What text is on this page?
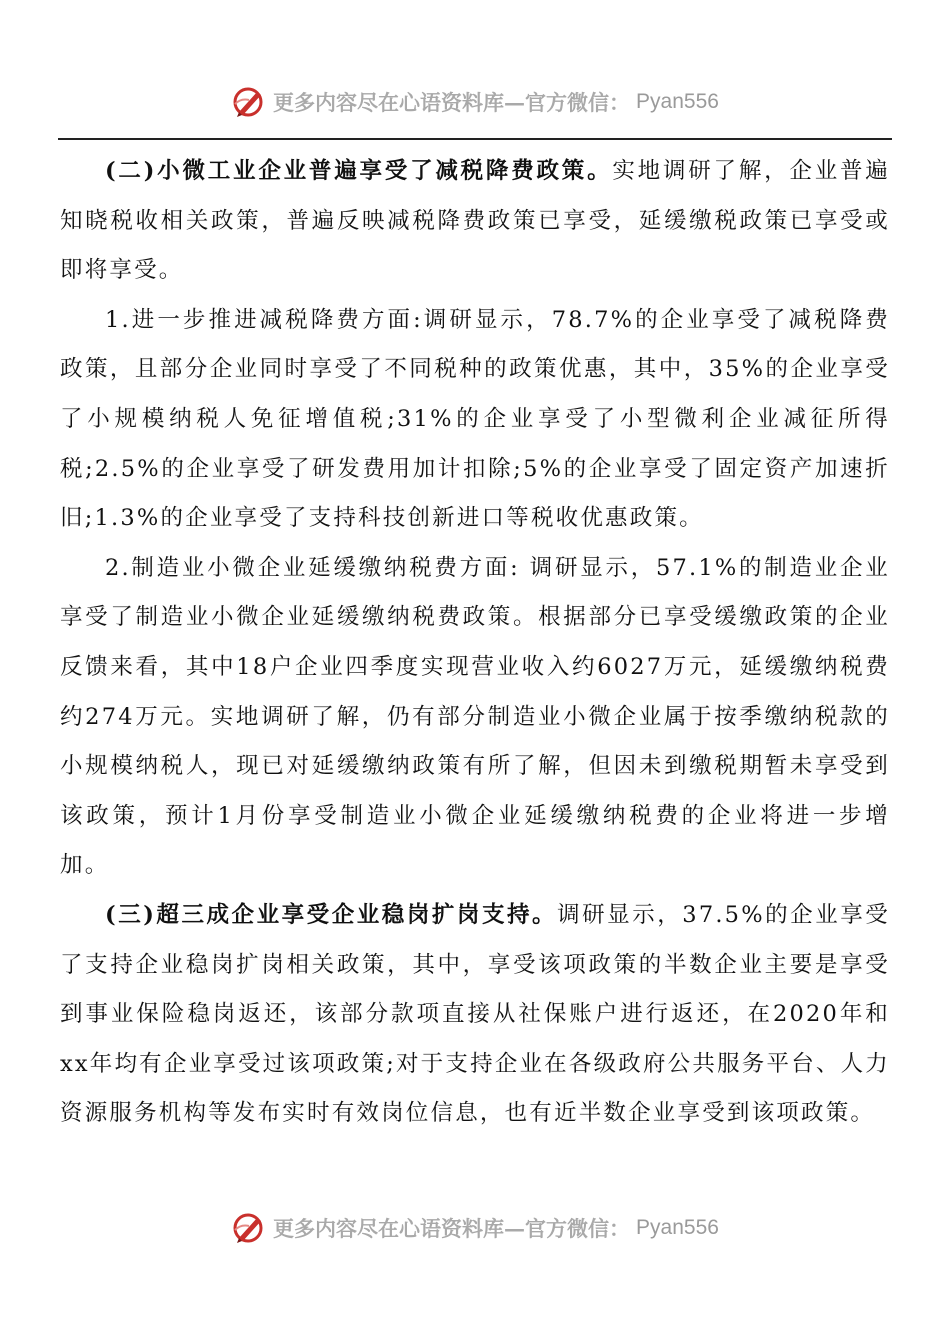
更多内容尽在心语资料库—官方微信： Pyan556

(二)小微工业企业普遍享受了减税降费政策。实地调研了解，企业普遍知晓税收相关政策，普遍反映减税降费政策已享受，延缓缴税政策已享受或即将享受。

1.进一步推进减税降费方面:调研显示，78.7%的企业享受了减税降费政策，且部分企业同时享受了不同税种的政策优惠，其中，35%的企业享受了小规模纳税人免征增值税;31%的企业享受了小型微利企业减征所得税;2.5%的企业享受了研发费用加计扣除;5%的企业享受了固定资产加速折旧;1.3%的企业享受了支持科技创新进口等税收优惠政策。

2.制造业小微企业延缓缴纳税费方面: 调研显示，57.1%的制造业企业享受了制造业小微企业延缓缴纳税费政策。根据部分已享受缓缴政策的企业反馈来看，其中18户企业四季度实现营业收入约6027万元，延缓缴纳税费约274万元。实地调研了解，仍有部分制造业小微企业属于按季缴纳税款的小规模纳税人，现已对延缓缴纳政策有所了解，但因未到缴税期暂未享受到该政策，预计1月份享受制造业小微企业延缓缴纳税费的企业将进一步增加。

(三)超三成企业享受企业稳岗扩岗支持。调研显示，37.5%的企业享受了支持企业稳岗扩岗相关政策，其中，享受该项政策的半数企业主要是享受到事业保险稳岗返还，该部分款项直接从社保账户进行返还，在2020年和xx年均有企业享受过该项政策;对于支持企业在各级政府公共服务平台、人力资源服务机构等发布实时有效岗位信息，也有近半数企业享受到该项政策。

更多内容尽在心语资料库—官方微信： Pyan556
